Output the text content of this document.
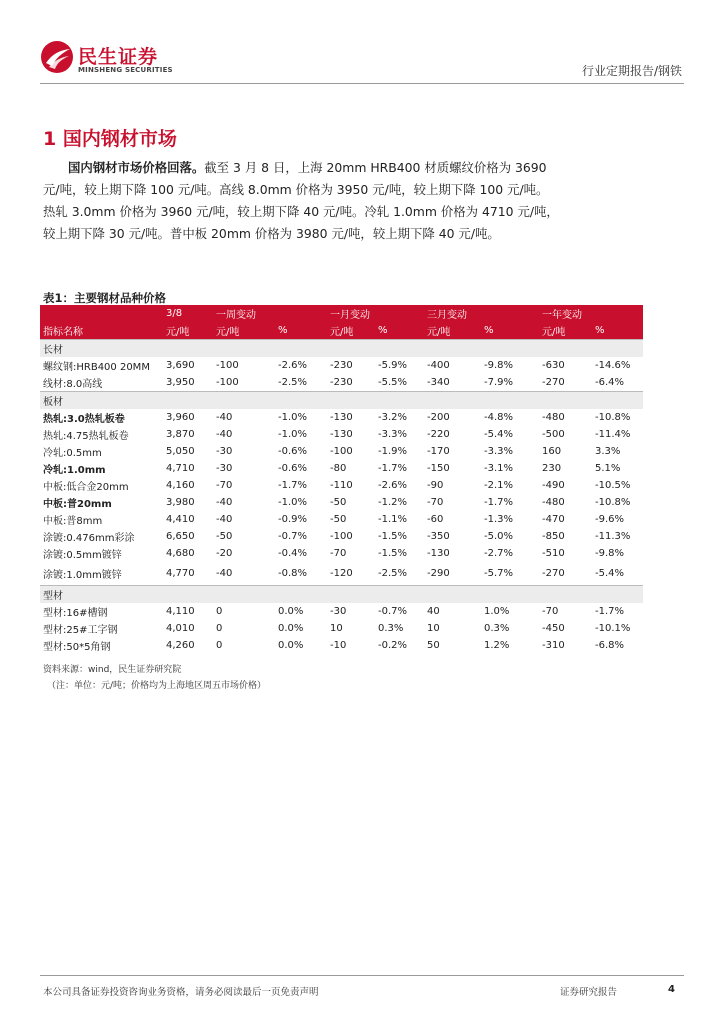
民生证券
MINSHENG SECURITIES	行业定期报告/钢铁
1 国内钢材市场
国内钢材市场价格回落。截至 3 月 8 日，上海 20mm HRB400 材质螺纹价格为 3690
元/吨，较上期下降 100 元/吨。高线 8.0mm 价格为 3950 元/吨，较上期下降 100 元/吨。
热轧 3.0mm 价格为 3960 元/吨，较上期下降 40 元/吨。冷轧 1.0mm 价格为 4710 元/吨，
较上期下降 30 元/吨。普中板 20mm 价格为 3980 元/吨，较上期下降 40 元/吨。
表1：主要钢材品种价格
	3/8	一周变动		一月变动		三月变动		一年变动	
指标名称	元/吨	元/吨	%	元/吨	%	元/吨	%	元/吨	%
长材									
螺纹钢:HRB400 20MM	3,690	-100	-2.6%	-230	-5.9%	-400	-9.8%	-630	-14.6%
线材:8.0高线	3,950	-100	-2.5%	-230	-5.5%	-340	-7.9%	-270	-6.4%
板材									
热轧:3.0热轧板卷	3,960	-40	-1.0%	-130	-3.2%	-200	-4.8%	-480	-10.8%
热轧:4.75热轧板卷	3,870	-40	-1.0%	-130	-3.3%	-220	-5.4%	-500	-11.4%
冷轧:0.5mm	5,050	-30	-0.6%	-100	-1.9%	-170	-3.3%	160	3.3%
冷轧:1.0mm	4,710	-30	-0.6%	-80	-1.7%	-150	-3.1%	230	5.1%
中板:低合金20mm	4,160	-70	-1.7%	-110	-2.6%	-90	-2.1%	-490	-10.5%
中板:普20mm	3,980	-40	-1.0%	-50	-1.2%	-70	-1.7%	-480	-10.8%
中板:普8mm	4,410	-40	-0.9%	-50	-1.1%	-60	-1.3%	-470	-9.6%
涂镀:0.476mm彩涂	6,650	-50	-0.7%	-100	-1.5%	-350	-5.0%	-850	-11.3%
涂镀:0.5mm镀锌	4,680	-20	-0.4%	-70	-1.5%	-130	-2.7%	-510	-9.8%
涂镀:1.0mm镀锌	4,770	-40	-0.8%	-120	-2.5%	-290	-5.7%	-270	-5.4%
型材									
型材:16#槽钢	4,110	0	0.0%	-30	-0.7%	40	1.0%	-70	-1.7%
型材:25#工字钢	4,010	0	0.0%	10	0.3%	10	0.3%	-450	-10.1%
型材:50*5角钢	4,260	0	0.0%	-10	-0.2%	50	1.2%	-310	-6.8%
资料来源：wind，民生证券研究院
（注：单位：元/吨；价格均为上海地区周五市场价格）
本公司具备证券投资咨询业务资格，请务必阅读最后一页免责声明	证券研究报告	4
